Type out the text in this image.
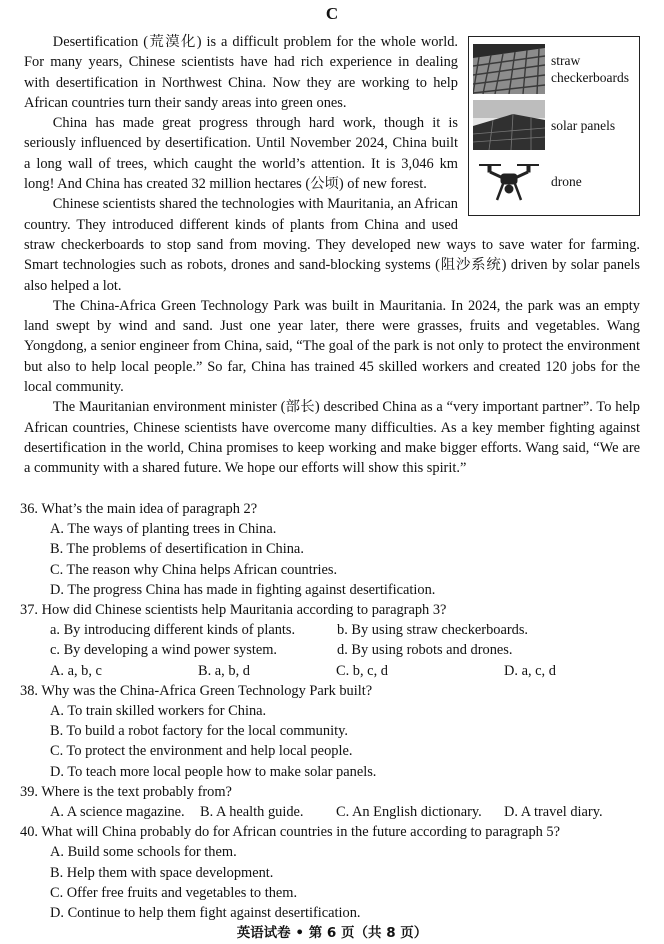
C
straw checkerboards
solar panels
drone

Desertification (荒漠化) is a difficult problem for the whole world. For many years, Chinese scientists have had rich experience in dealing with desertification in Northwest China. Now they are working to help African countries turn their sandy areas into green ones.

China has made great progress through hard work, though it is seriously influenced by desertification. Until November 2024, China built a long wall of trees, which caught the world’s attention. It is 3,046 km long! And China has created 32 million hectares (公顷) of new forest.

Chinese scientists shared the technologies with Mauritania, an African country. They introduced different kinds of plants from China and used straw checkerboards to stop sand from moving. They developed new ways to save water for farming. Smart technologies such as robots, drones and sand-blocking systems (阻沙系统) driven by solar panels also helped a lot.

The China-Africa Green Technology Park was built in Mauritania. In 2024, the park was an empty land swept by wind and sand. Just one year later, there were grasses, fruits and vegetables. Wang Yongdong, a senior engineer from China, said, “The goal of the park is not only to protect the environment but also to help local people.” So far, China has trained 45 skilled workers and created 120 jobs for the local community.

The Mauritanian environment minister (部长) described China as a “very important partner”. To help African countries, Chinese scientists have overcome many difficulties. As a key member fighting against desertification in the world, China promises to keep working and make bigger efforts. Wang said, “We are a community with a shared future. We hope our efforts will show this spirit.”

36. What’s the main idea of paragraph 2?
A. The ways of planting trees in China.
B. The problems of desertification in China.
C. The reason why China helps African countries.
D. The progress China has made in fighting against desertification.
37. How did Chinese scientists help Mauritania according to paragraph 3?
a. By introducing different kinds of plants.	b. By using straw checkerboards.
c. By developing a wind power system.	d. By using robots and drones.
A. a, b, c	B. a, b, d	C. b, c, d	D. a, c, d
38. Why was the China-Africa Green Technology Park built?
A. To train skilled workers for China.
B. To build a robot factory for the local community.
C. To protect the environment and help local people.
D. To teach more local people how to make solar panels.
39. Where is the text probably from?
A. A science magazine.	B. A health guide.	C. An English dictionary.	D. A travel diary.
40. What will China probably do for African countries in the future according to paragraph 5?
A. Build some schools for them.
B. Help them with space development.
C. Offer free fruits and vegetables to them.
D. Continue to help them fight against desertification.
英语试卷 • 第 6 页（共 8 页）
